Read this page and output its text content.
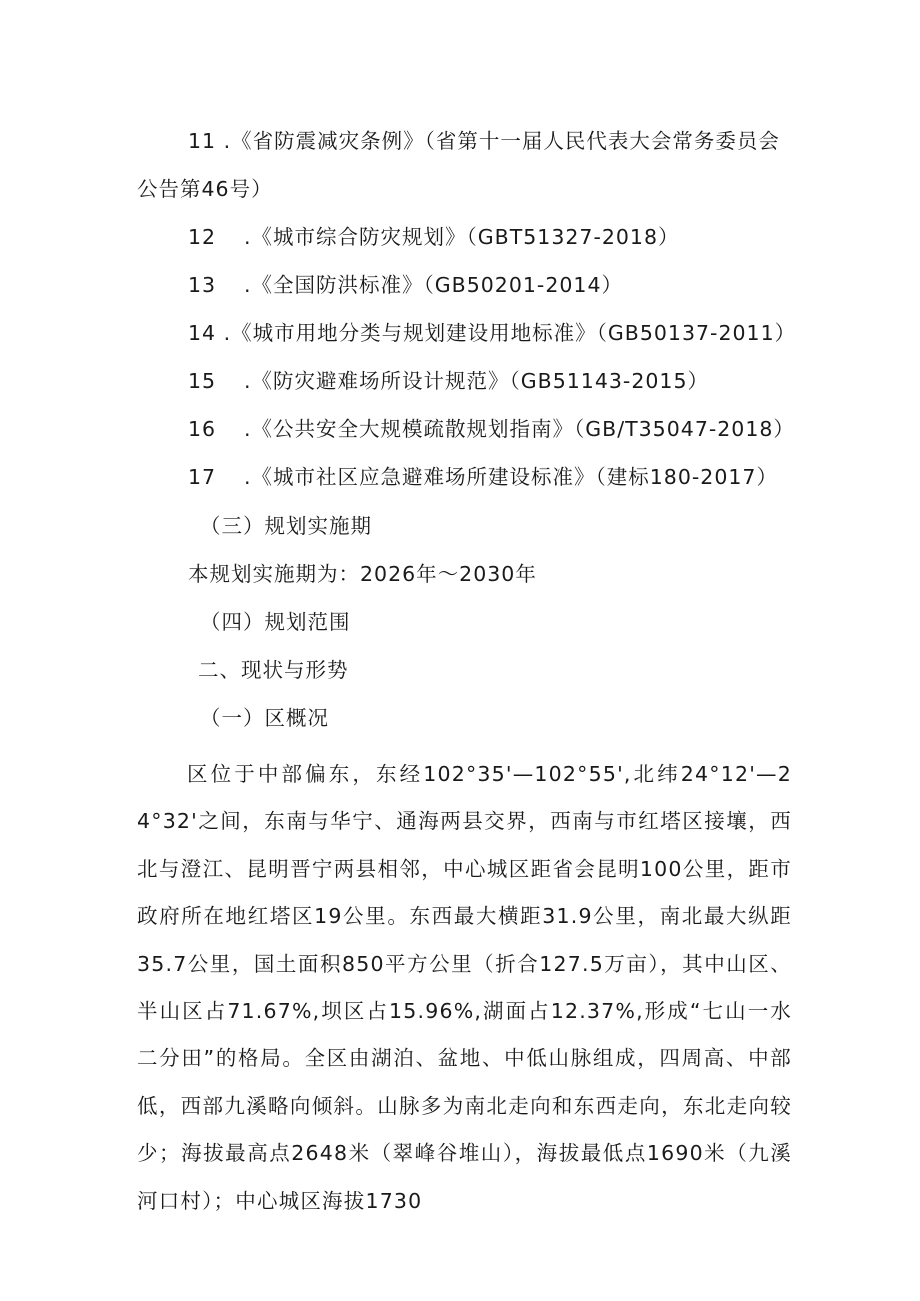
11 .《省防震减灾条例》（省第十一届人民代表大会常务委员会
公告第46号）
12 .《城市综合防灾规划》（GBT51327-2018）
13 .《全国防洪标准》（GB50201-2014）
14 .《城市用地分类与规划建设用地标准》（GB50137-2011）
15 .《防灾避难场所设计规范》（GB51143-2015）
16 .《公共安全大规模疏散规划指南》（GB/T35047-2018）
17 .《城市社区应急避难场所建设标准》（建标180-2017）
（三）规划实施期
本规划实施期为：2026年～2030年
（四）规划范围
二、现状与形势
（一）区概况
区位于中部偏东，东经102°35'—102°55',北纬24°12'—24°32'之间，东南与华宁、通海两县交界，西南与市红塔区接壤，西北与澄江、昆明晋宁两县相邻，中心城区距省会昆明100公里，距市政府所在地红塔区19公里。东西最大横距31.9公里，南北最大纵距35.7公里，国土面积850平方公里（折合127.5万亩），其中山区、半山区占71.67%,坝区占15.96%,湖面占12.37%,形成“七山一水二分田”的格局。全区由湖泊、盆地、中低山脉组成，四周高、中部低，西部九溪略向倾斜。山脉多为南北走向和东西走向，东北走向较少；海拔最高点2648米（翠峰谷堆山），海拔最低点1690米（九溪河口村）；中心城区海拔1730
